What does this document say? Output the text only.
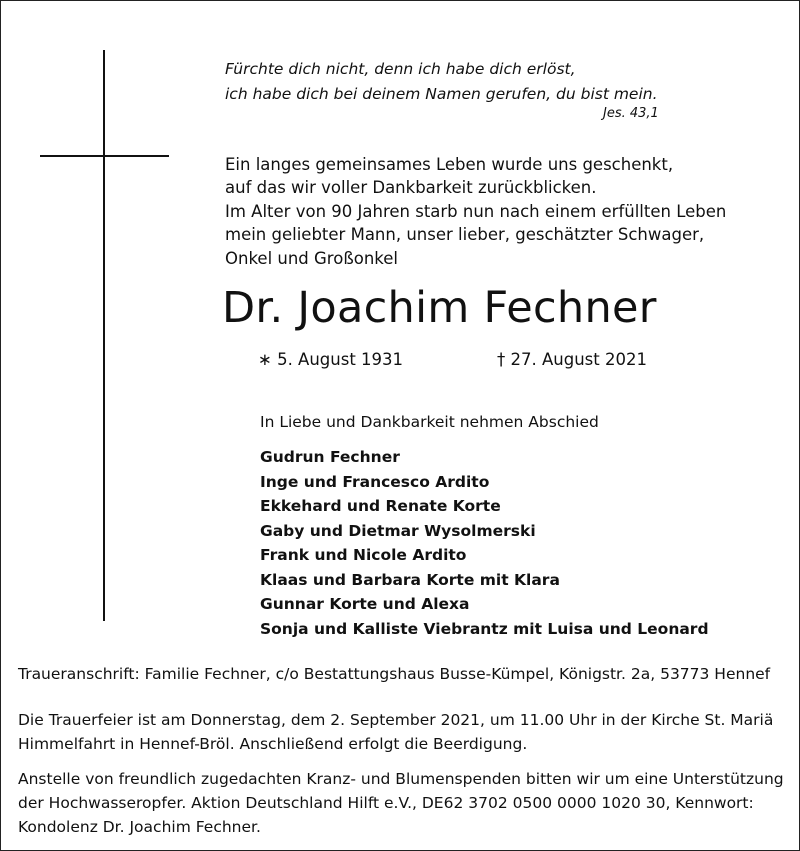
Fürchte dich nicht, denn ich habe dich erlöst,
ich habe dich bei deinem Namen gerufen, du bist mein.
Jes. 43,1
Ein langes gemeinsames Leben wurde uns geschenkt,
auf das wir voller Dankbarkeit zurückblicken.
Im Alter von 90 Jahren starb nun nach einem erfüllten Leben
mein geliebter Mann, unser lieber, geschätzter Schwager,
Onkel und Großonkel
Dr. Joachim Fechner
∗ 5. August 1931	† 27. August 2021
In Liebe und Dankbarkeit nehmen Abschied
Gudrun Fechner
Inge und Francesco Ardito
Ekkehard und Renate Korte
Gaby und Dietmar Wysolmerski
Frank und Nicole Ardito
Klaas und Barbara Korte mit Klara
Gunnar Korte und Alexa
Sonja und Kalliste Viebrantz mit Luisa und Leonard
Traueranschrift: Familie Fechner, c/o Bestattungshaus Busse-Kümpel, Königstr. 2a, 53773 Hennef
Die Trauerfeier ist am Donnerstag, dem 2. September 2021, um 11.00 Uhr in der Kirche St. Mariä
Himmelfahrt in Hennef-Bröl. Anschließend erfolgt die Beerdigung.
Anstelle von freundlich zugedachten Kranz- und Blumenspenden bitten wir um eine Unterstützung
der Hochwasseropfer. Aktion Deutschland Hilft e.V., DE62 3702 0500 0000 1020 30, Kennwort:
Kondolenz Dr. Joachim Fechner.
